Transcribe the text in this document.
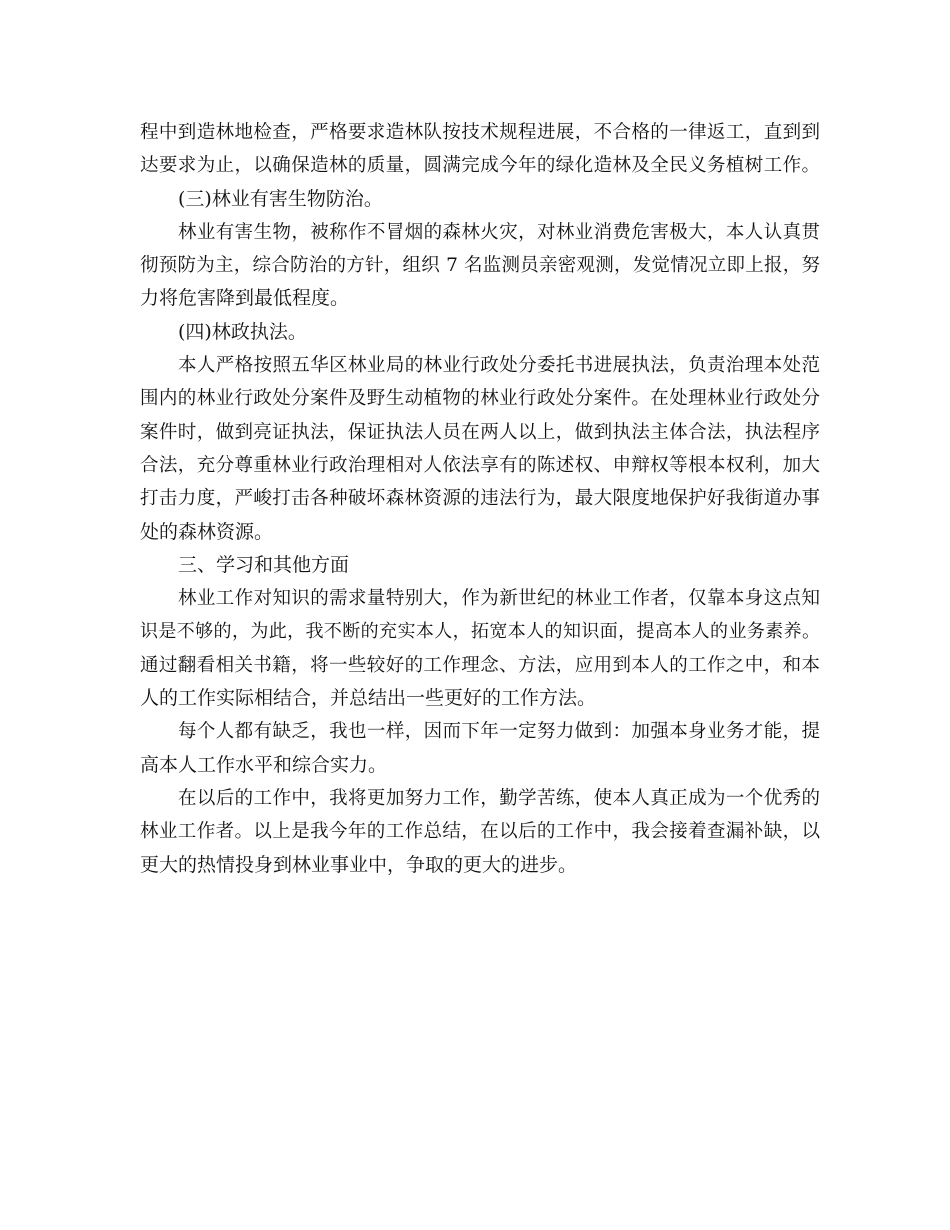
程中到造林地检查，严格要求造林队按技术规程进展，不合格的一律返工，直到到
达要求为止，以确保造林的质量，圆满完成今年的绿化造林及全民义务植树工作。
(三)林业有害生物防治。
林业有害生物，被称作不冒烟的森林火灾，对林业消费危害极大，本人认真贯
彻预防为主，综合防治的方针，组织 7 名监测员亲密观测，发觉情况立即上报，努
力将危害降到最低程度。
(四)林政执法。
本人严格按照五华区林业局的林业行政处分委托书进展执法，负责治理本处范
围内的林业行政处分案件及野生动植物的林业行政处分案件。在处理林业行政处分
案件时，做到亮证执法，保证执法人员在两人以上，做到执法主体合法，执法程序
合法，充分尊重林业行政治理相对人依法享有的陈述权、申辩权等根本权利，加大
打击力度，严峻打击各种破坏森林资源的违法行为，最大限度地保护好我街道办事
处的森林资源。
三、学习和其他方面
林业工作对知识的需求量特别大，作为新世纪的林业工作者，仅靠本身这点知
识是不够的，为此，我不断的充实本人，拓宽本人的知识面，提高本人的业务素养。
通过翻看相关书籍，将一些较好的工作理念、方法，应用到本人的工作之中，和本
人的工作实际相结合，并总结出一些更好的工作方法。
每个人都有缺乏，我也一样，因而下年一定努力做到：加强本身业务才能，提
高本人工作水平和综合实力。
在以后的工作中，我将更加努力工作，勤学苦练，使本人真正成为一个优秀的
林业工作者。以上是我今年的工作总结，在以后的工作中，我会接着查漏补缺，以
更大的热情投身到林业事业中，争取的更大的进步。
